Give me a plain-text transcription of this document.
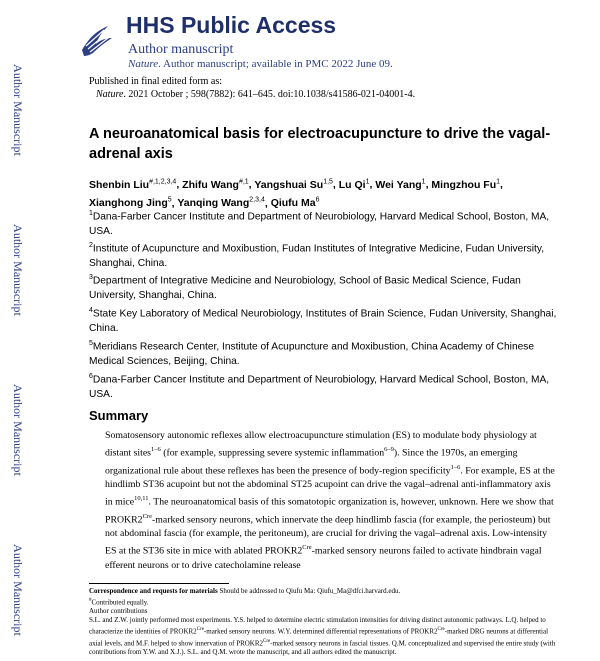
Author Manuscript
Author Manuscript
Author Manuscript
Author Manuscript
HHS Public Access
Author manuscript
Nature. Author manuscript; available in PMC 2022 June 09.
Published in final edited form as:
Nature. 2021 October ; 598(7882): 641–645. doi:10.1038/s41586-021-04001-4.
A neuroanatomical basis for electroacupuncture to drive the vagal-adrenal axis
Shenbin Liu$^{\#,1,2,3,4}$, Zhifu Wang$^{\#,1}$, Yangshuai Su$^{1,5}$, Lu Qi$^1$, Wei Yang$^1$, Mingzhou Fu$^1$, Xianghong Jing$^5$, Yanqing Wang$^{2,3,4}$, Qiufu Ma$^6$
$^1$Dana-Farber Cancer Institute and Department of Neurobiology, Harvard Medical School, Boston, MA, USA.
$^2$Institute of Acupuncture and Moxibustion, Fudan Institutes of Integrative Medicine, Fudan University, Shanghai, China.
$^3$Department of Integrative Medicine and Neurobiology, School of Basic Medical Science, Fudan University, Shanghai, China.
$^4$State Key Laboratory of Medical Neurobiology, Institutes of Brain Science, Fudan University, Shanghai, China.
$^5$Meridians Research Center, Institute of Acupuncture and Moxibustion, China Academy of Chinese Medical Sciences, Beijing, China.
$^6$Dana-Farber Cancer Institute and Department of Neurobiology, Harvard Medical School, Boston, MA, USA.
Summary
Somatosensory autonomic reflexes allow electroacupuncture stimulation (ES) to modulate body physiology at distant sites$^{1-6}$ (for example, suppressing severe systemic inflammation$^{6-9}$). Since the 1970s, an emerging organizational rule about these reflexes has been the presence of body-region specificity$^{1-6}$. For example, ES at the hindlimb ST36 acupoint but not the abdominal ST25 acupoint can drive the vagal–adrenal anti-inflammatory axis in mice$^{10,11}$. The neuroanatomical basis of this somatotopic organization is, however, unknown. Here we show that $PROKR2^{Cre}$-marked sensory neurons, which innervate the deep hindlimb fascia (for example, the periosteum) but not abdominal fascia (for example, the peritoneum), are crucial for driving the vagal–adrenal axis. Low-intensity ES at the ST36 site in mice with ablated $PROKR2^{Cre}$-marked sensory neurons failed to activate hindbrain vagal efferent neurons or to drive catecholamine release
Correspondence and requests for materials Should be addressed to Qiufu Ma: Qiufu_Ma@dfci.harvard.edu.
#Contributed equally.
Author contributions
S.L. and Z.W. jointly performed most experiments. Y.S. helped to determine electric stimulation intensities for driving distinct autonomic pathways. L.Q. helped to characterize the identities of $PROKR2^{Cre}$-marked sensory neurons. W.Y. determined differential representations of $PROKR2^{Cre}$-marked DRG neurons at differential axial levels, and M.F. helped to show innervation of $PROKR2^{Cre}$-marked sensory neurons in fascial tissues. Q.M. conceptualized and supervised the entire study (with contributions from Y.W. and X.J.). S.L. and Q.M. wrote the manuscript, and all authors edited the manuscript.
